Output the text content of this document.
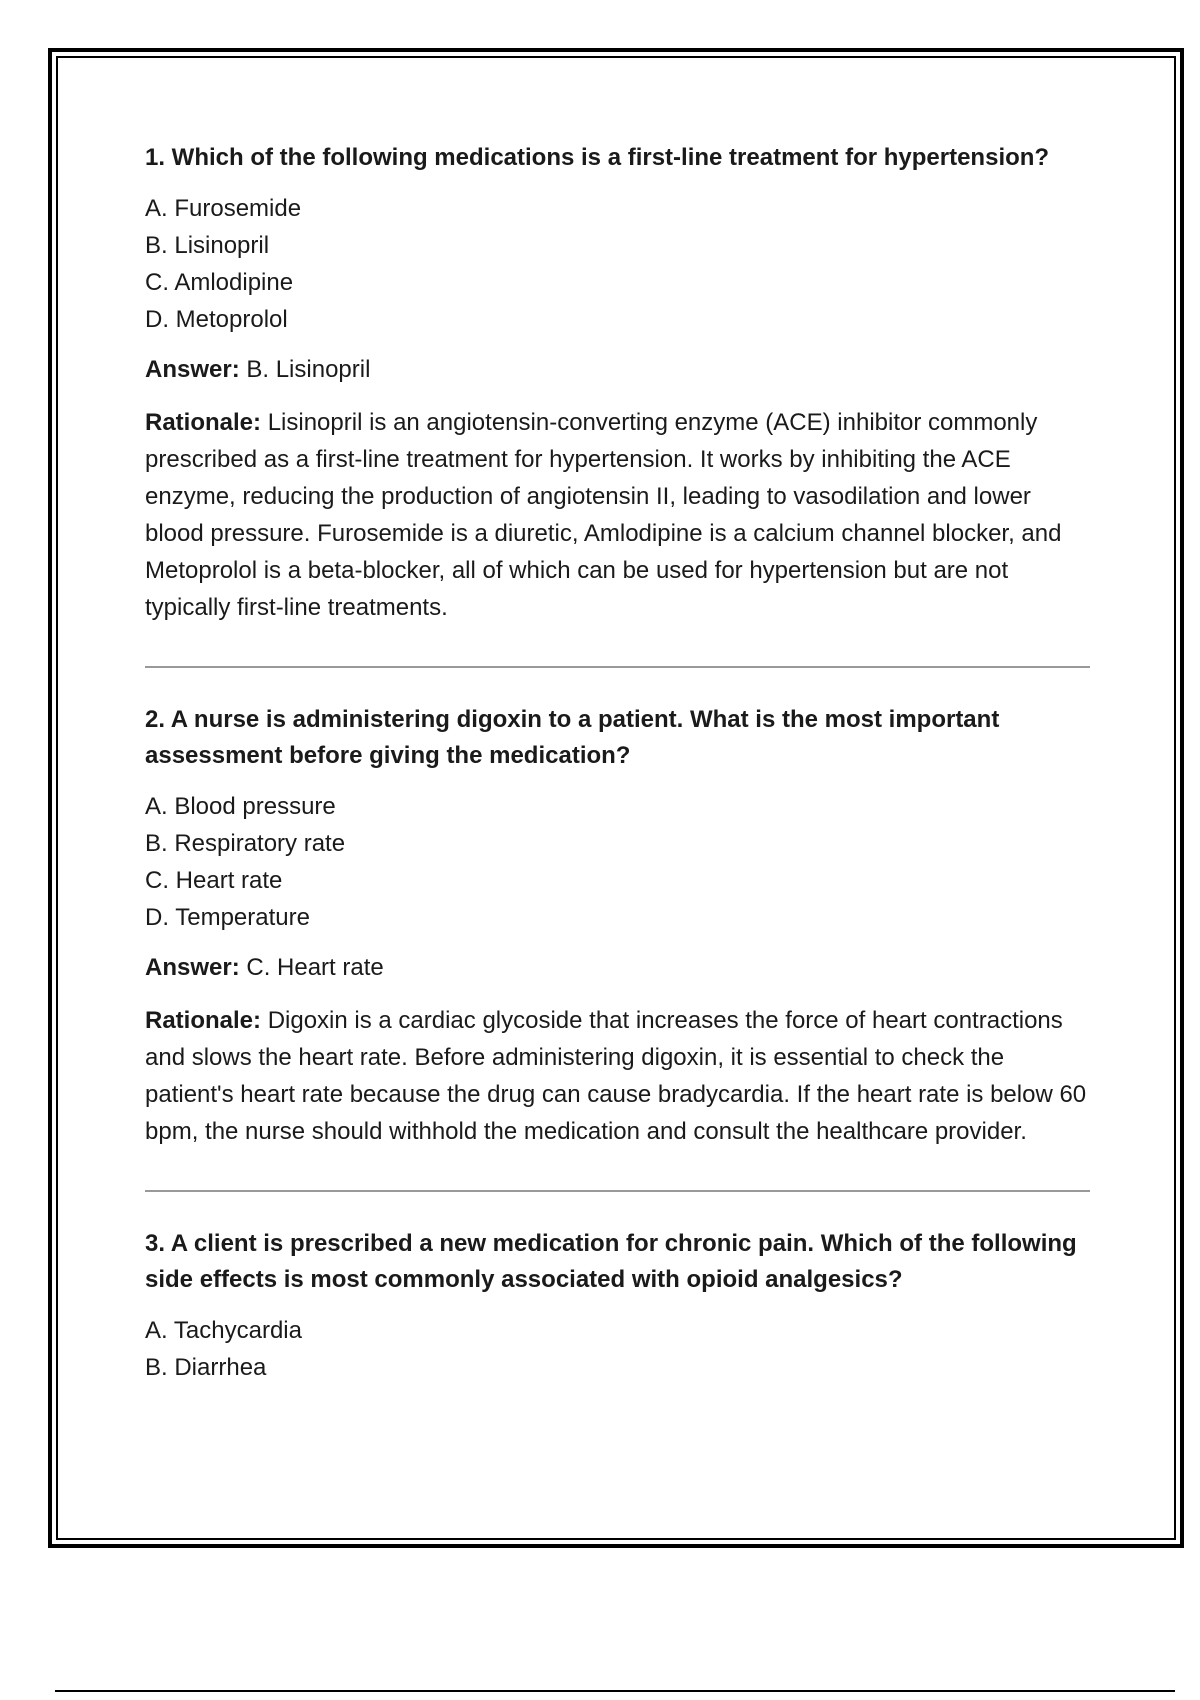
1. Which of the following medications is a first-line treatment for hypertension?

A. Furosemide
B. Lisinopril
C. Amlodipine
D. Metoprolol

Answer: B. Lisinopril

Rationale: Lisinopril is an angiotensin-converting enzyme (ACE) inhibitor commonly prescribed as a first-line treatment for hypertension. It works by inhibiting the ACE enzyme, reducing the production of angiotensin II, leading to vasodilation and lower blood pressure. Furosemide is a diuretic, Amlodipine is a calcium channel blocker, and Metoprolol is a beta-blocker, all of which can be used for hypertension but are not typically first-line treatments.

2. A nurse is administering digoxin to a patient. What is the most important assessment before giving the medication?

A. Blood pressure
B. Respiratory rate
C. Heart rate
D. Temperature

Answer: C. Heart rate

Rationale: Digoxin is a cardiac glycoside that increases the force of heart contractions and slows the heart rate. Before administering digoxin, it is essential to check the patient's heart rate because the drug can cause bradycardia. If the heart rate is below 60 bpm, the nurse should withhold the medication and consult the healthcare provider.

3. A client is prescribed a new medication for chronic pain. Which of the following side effects is most commonly associated with opioid analgesics?

A. Tachycardia
B. Diarrhea
